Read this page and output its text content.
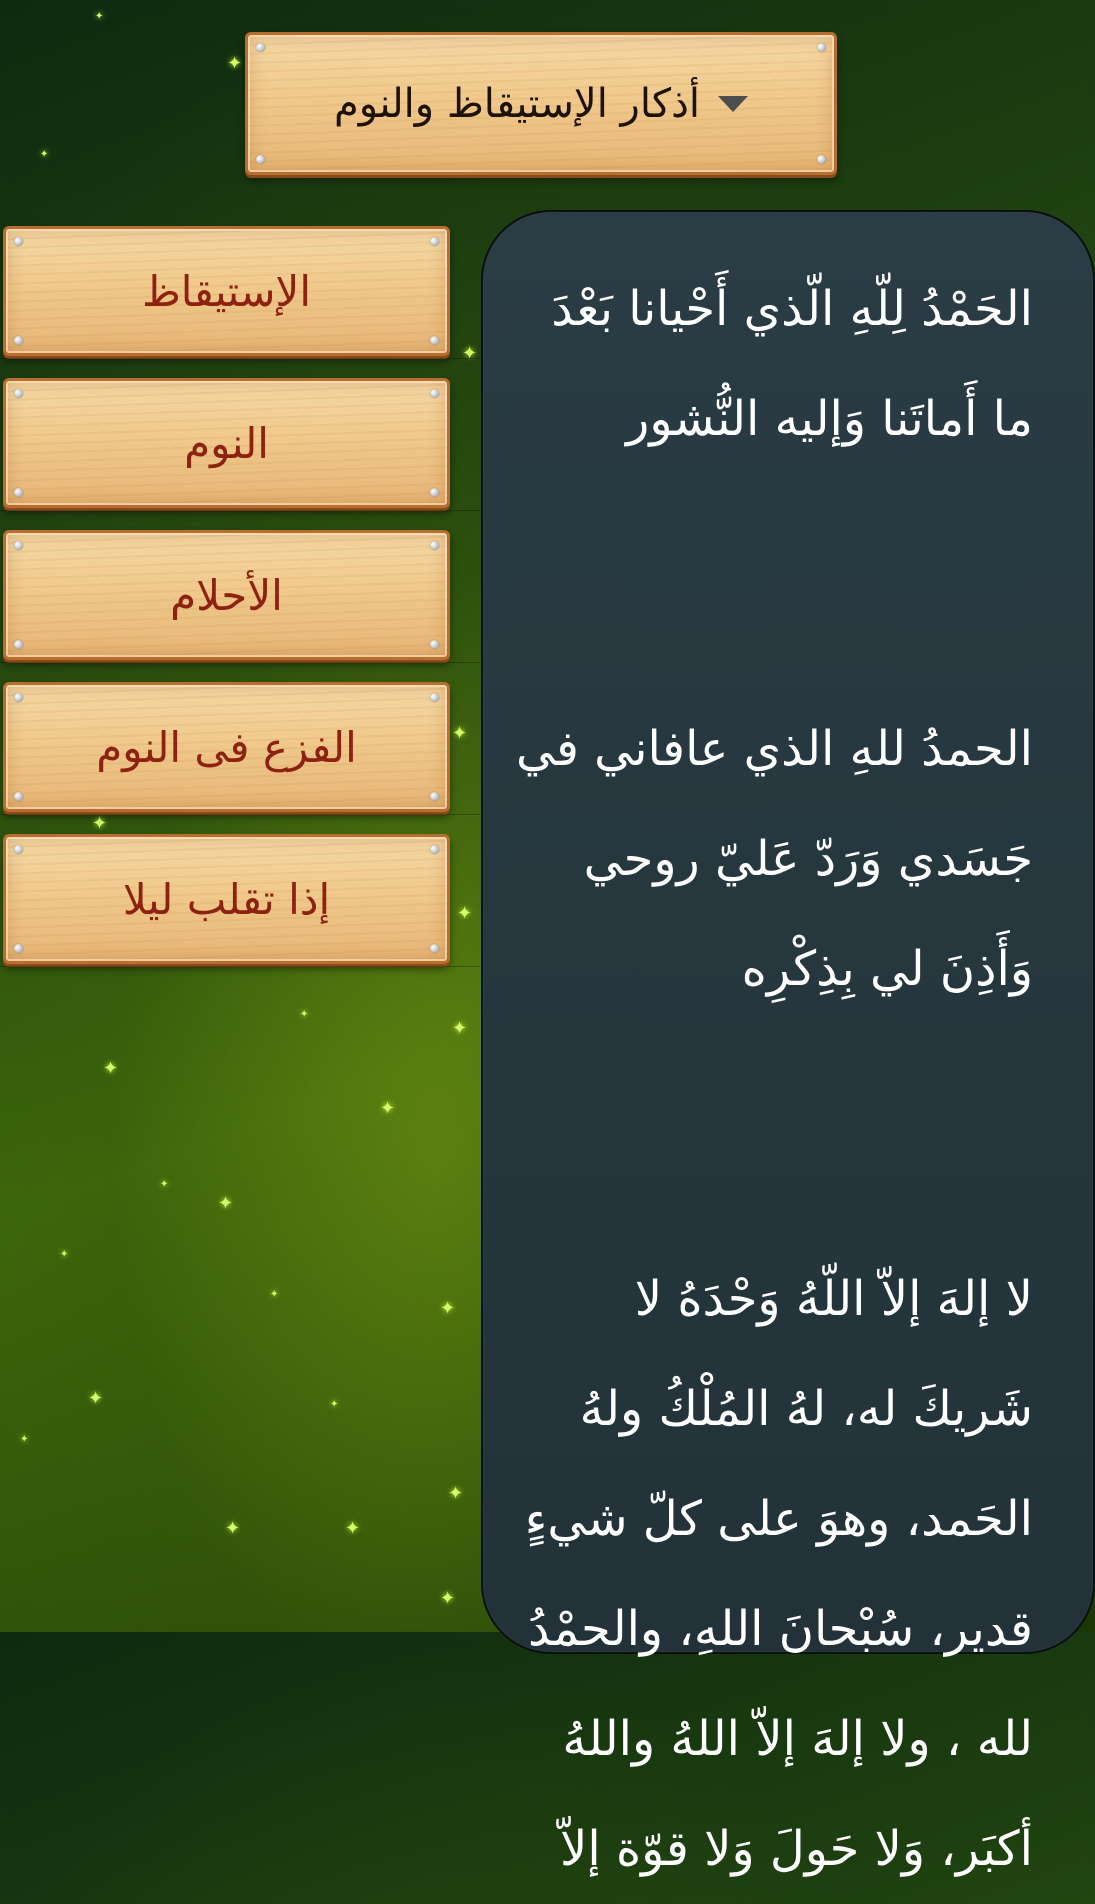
✦
✦
✦
✦
✦
✦
✦
✦
✦
✦
✦
✦
✦
✦
✦	✦
✦
✦
✦
✦
✦
✦
✦
أذكار الإستيقاظ والنوم
الإستيقاظ
النوم
الأحلام
الفزع فى النوم
إذا تقلب ليلا
الحَمْدُ لِلّهِ الّذي أَحْيانا بَعْدَ
ما أَماتَنا وَإليه النُّشور

الحمدُ للهِ الذي عافاني في
جَسَدي وَرَدّ عَليّ روحي
وَأَذِنَ لي بِذِكْرِه

لا إلهَ إلاّ اللّهُ وَحْدَهُ لا
شَريكَ له، لهُ المُلْكُ ولهُ
الحَمد، وهوَ على كلّ شيءٍ
قدير، سُبْحانَ اللهِ، والحمْدُ
لله ، ولا إلهَ إلاّ اللهُ واللهُ
أكبَر، وَلا حَولَ وَلا قوّة إلاّ
